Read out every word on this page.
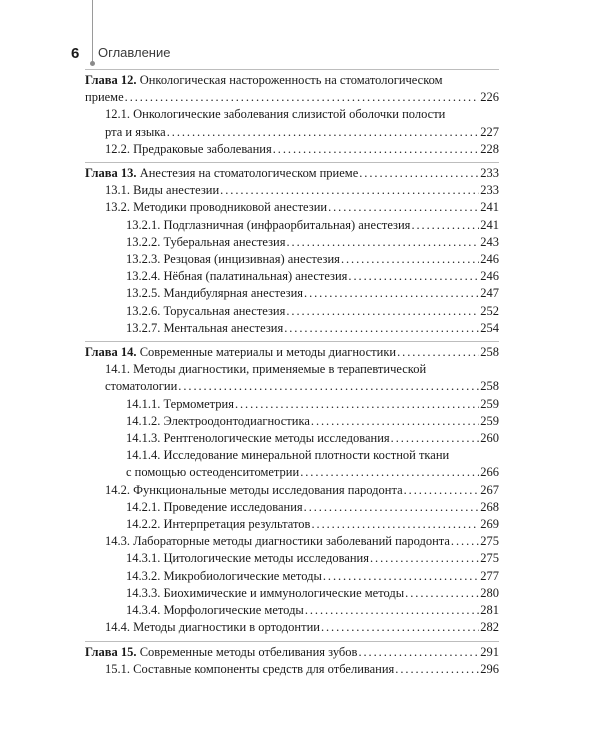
6 Оглавление
Глава 12. Онкологическая настороженность на стоматологическом
приеме . . .	226
12.1. Онкологические заболевания слизистой оболочки полости
рта и языка . . .	227
12.2. Предраковые заболевания . . .	228
Глава 13.
Анестезия на стоматологическом приеме . . .	233
13.1. Виды анестезии . . .	233
13.2. Методики проводниковой анестезии . . .	241
13.2.1. Подглазничная (инфраорбитальная) анестезия . . .	241
13.2.2. Туберальная анестезия . . .	243
13.2.3. Резцовая (инцизивная) анестезия . . .	246
13.2.4. Нёбная (палатинальная) анестезия . . .	246
13.2.5. Мандибулярная анестезия . . .	247
13.2.6. Торусальная анестезия . . .	252
13.2.7. Ментальная анестезия . . .	254
Глава 14.
Современные материалы и методы диагностики . . .	258
14.1. Методы диагностики, применяемые в терапевтической
стоматологии . . .	258
14.1.1. Термометрия . . .	259
14.1.2. Электроодонтодиагностика . . .	259
14.1.3. Рентгенологические методы исследования . . .	260
14.1.4. Исследование минеральной плотности костной ткани
с помощью остеоденситометрии . . .	266
14.2. Функциональные методы исследования пародонта . . .	267
14.2.1. Проведение исследования . . .	268
14.2.2. Интерпретация результатов . . .	269
14.3. Лабораторные методы диагностики заболеваний пародонта . . . 275
14.3.1. Цитологические методы исследования . . .	275
14.3.2. Микробиологические методы . . .	277
14.3.3. Биохимические и иммунологические методы . . .	280
14.3.4. Морфологические методы . . .	281
14.4. Методы диагностики в ортодонтии . . .	282
Глава 15.
Современные методы отбеливания зубов . . .	291
15.1. Составные компоненты средств для отбеливания . . .	296
